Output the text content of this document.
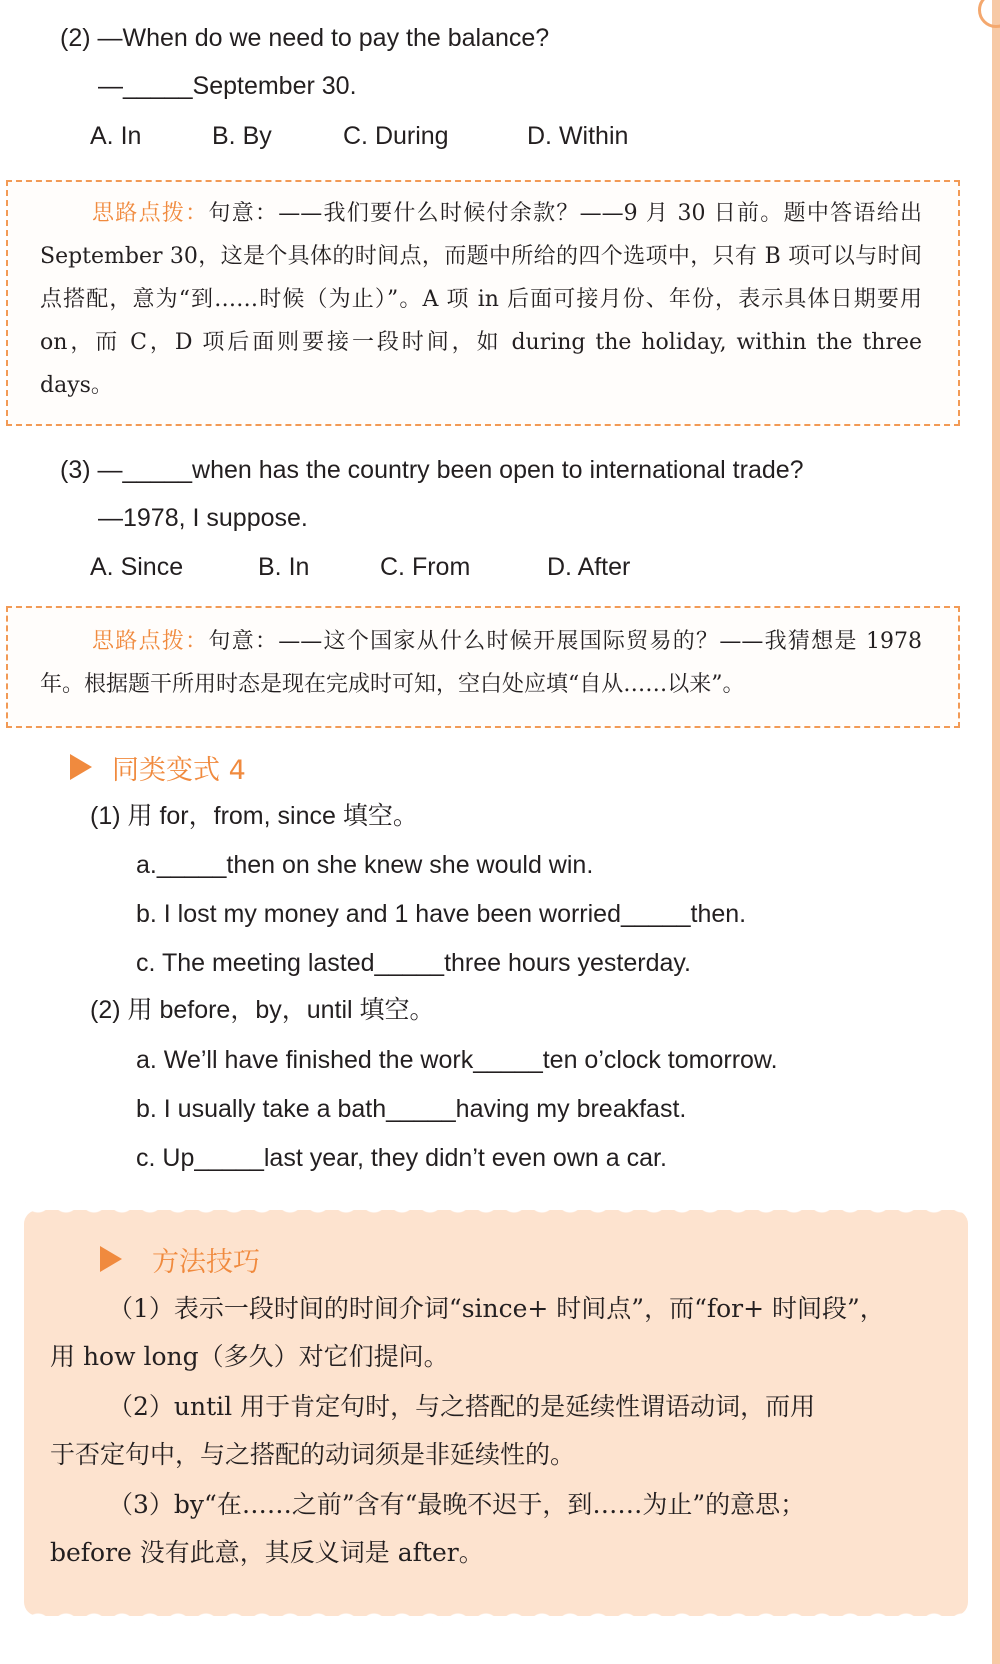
(2) —When do we need to pay the balance?
—_____September 30.
A. In	B. By	C. During	D. Within
思路点拨：句意：——我们要什么时候付余款？——9 月 30 日前。题中答语给出 September 30，这是个具体的时间点，而题中所给的四个选项中，只有 B 项可以与时间点搭配，意为“到……时候（为止）”。A 项 in 后面可接月份、年份，表示具体日期要用 on，而 C，D 项后面则要接一段时间，如 during the holiday, within the three days。
(3) —_____when has the country been open to international trade?
—1978, I suppose.
A. Since	B. In	C. From	D. After
思路点拨：句意：——这个国家从什么时候开展国际贸易的？——我猜想是 1978 年。根据题干所用时态是现在完成时可知，空白处应填“自从……以来”。
同类变式 4
(1) 用 for，from, since 填空。
a._____then on she knew she would win.
b. I lost my money and 1 have been worried_____then.
c. The meeting lasted_____three hours yesterday.
(2) 用 before，by，until 填空。
a. We’ll have finished the work_____ten o’clock tomorrow.
b. I usually take a bath_____having my breakfast.
c. Up_____last year, they didn’t even own a car.
方法技巧
（1）表示一段时间的时间介词“since+ 时间点”，而“for+ 时间段”，
用 how long（多久）对它们提问。
（2）until 用于肯定句时，与之搭配的是延续性谓语动词，而用
于否定句中，与之搭配的动词须是非延续性的。
（3）by“在……之前”含有“最晚不迟于，到……为止”的意思；
before 没有此意，其反义词是 after。
